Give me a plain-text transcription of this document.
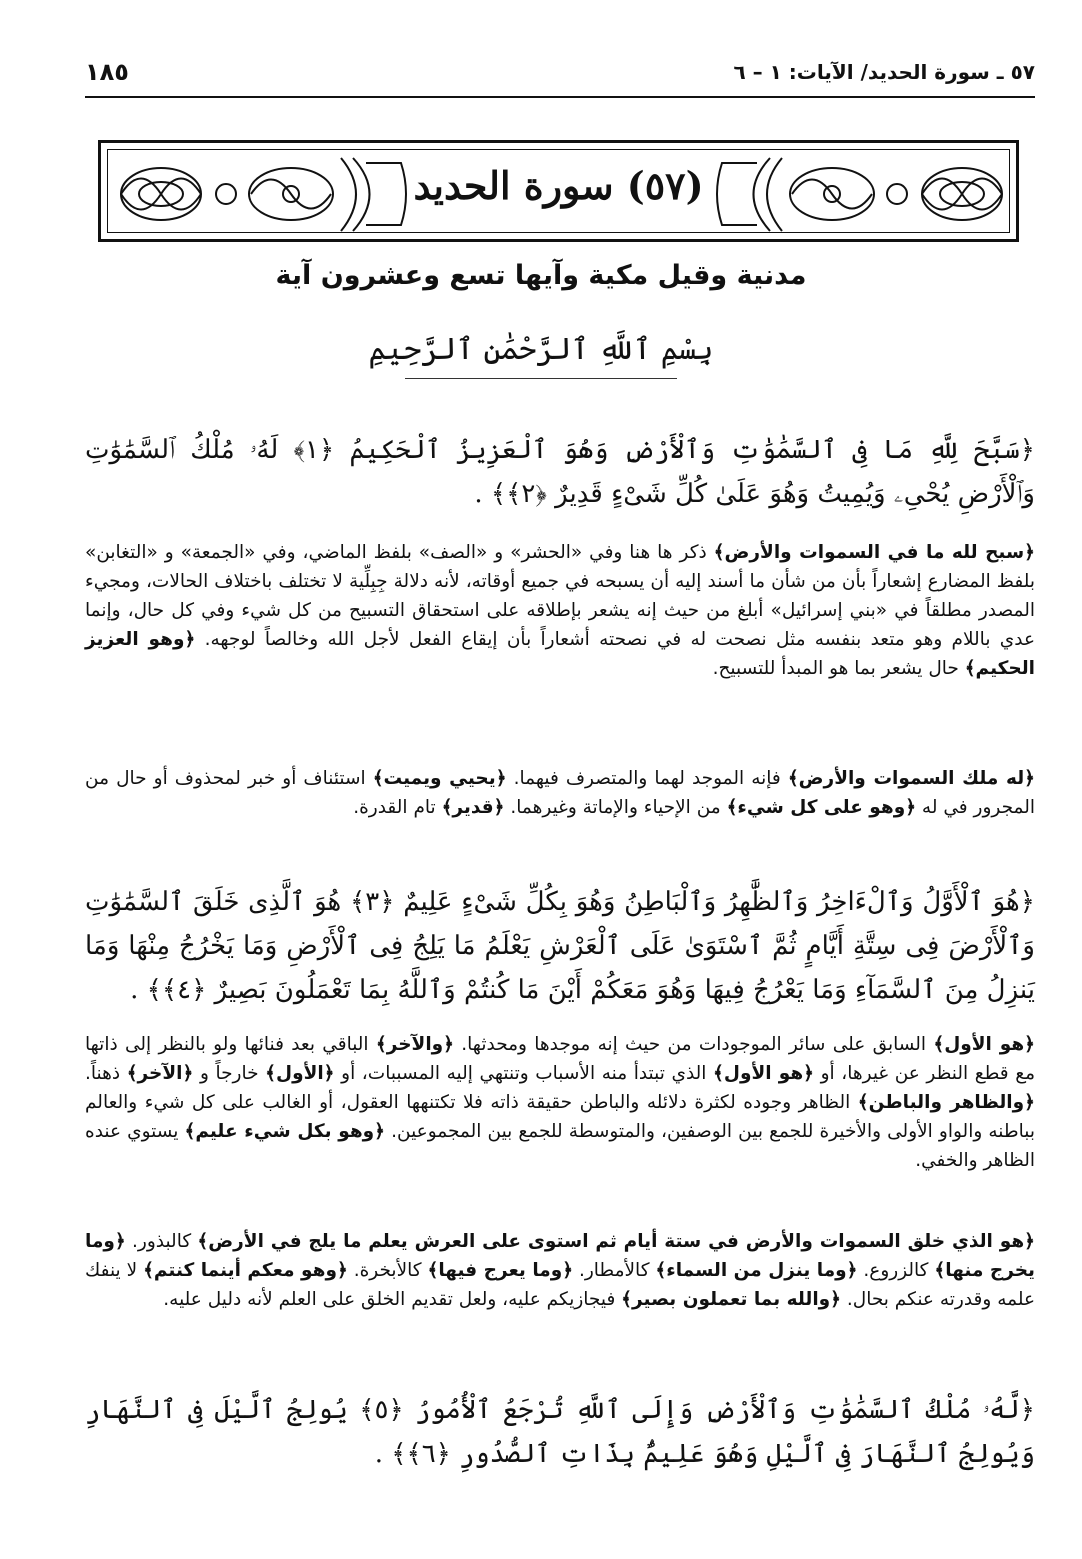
١٨٥	٥٧ ـ سورة الحديد/ الآيات: ١ – ٦
(٥٧) سورة الحديد
مدنية وقيل مكية وآيها تسع وعشرون آية
بِسْمِ ٱللَّهِ ٱلرَّحْمَٰنِ ٱلرَّحِيمِ
﴿سَبَّحَ لِلَّهِ مَا فِى ٱلسَّمَٰوَٰتِ وَٱلْأَرْضِ وَهُوَ ٱلْعَزِيزُ ٱلْحَكِيمُ ﴿١﴾ لَهُۥ مُلْكُ ٱلسَّمَٰوَٰتِ وَٱلْأَرْضِ يُحْىِۦ وَيُمِيتُ وَهُوَ عَلَىٰ كُلِّ شَىْءٍ قَدِيرٌ ﴿٢﴾﴾ .
﴿سبح لله ما في السموات والأرض﴾ ذكر ها هنا وفي «الحشر» و «الصف» بلفظ الماضي، وفي «الجمعة» و «التغابن» بلفظ المضارع إشعاراً بأن من شأن ما أسند إليه أن يسبحه في جميع أوقاته، لأنه دلالة جِبِلِّية لا تختلف باختلاف الحالات، ومجيء المصدر مطلقاً في «بني إسرائيل» أبلغ من حيث إنه يشعر بإطلاقه على استحقاق التسبيح من كل شيء وفي كل حال، وإنما عدي باللام وهو متعد بنفسه مثل نصحت له في نصحته أشعاراً بأن إيقاع الفعل لأجل الله وخالصاً لوجهه. ﴿وهو العزيز الحكيم﴾ حال يشعر بما هو المبدأ للتسبيح.
﴿له ملك السموات والأرض﴾ فإنه الموجد لهما والمتصرف فيهما. ﴿يحيي ويميت﴾ استئناف أو خبر لمحذوف أو حال من المجرور في له ﴿وهو على كل شيء﴾ من الإحياء والإماتة وغيرهما. ﴿قدير﴾ تام القدرة.
﴿هُوَ ٱلْأَوَّلُ وَٱلْءَاخِرُ وَٱلظَّٰهِرُ وَٱلْبَاطِنُ وَهُوَ بِكُلِّ شَىْءٍ عَلِيمٌ ﴿٣﴾ هُوَ ٱلَّذِى خَلَقَ ٱلسَّمَٰوَٰتِ وَٱلْأَرْضَ فِى سِتَّةِ أَيَّامٍ ثُمَّ ٱسْتَوَىٰ عَلَى ٱلْعَرْشِ يَعْلَمُ مَا يَلِجُ فِى ٱلْأَرْضِ وَمَا يَخْرُجُ مِنْهَا وَمَا يَنزِلُ مِنَ ٱلسَّمَآءِ وَمَا يَعْرُجُ فِيهَا وَهُوَ مَعَكُمْ أَيْنَ مَا كُنتُمْ وَٱللَّهُ بِمَا تَعْمَلُونَ بَصِيرٌ ﴿٤﴾﴾ .
﴿هو الأول﴾ السابق على سائر الموجودات من حيث إنه موجدها ومحدثها. ﴿والآخر﴾ الباقي بعد فنائها ولو بالنظر إلى ذاتها مع قطع النظر عن غيرها، أو ﴿هو الأول﴾ الذي تبتدأ منه الأسباب وتنتهي إليه المسببات، أو ﴿الأول﴾ خارجاً و ﴿الآخر﴾ ذهناً. ﴿والظاهر والباطن﴾ الظاهر وجوده لكثرة دلائله والباطن حقيقة ذاته فلا تكتنهها العقول، أو الغالب على كل شيء والعالم بباطنه والواو الأولى والأخيرة للجمع بين الوصفين، والمتوسطة للجمع بين المجموعين. ﴿وهو بكل شيء عليم﴾ يستوي عنده الظاهر والخفي.
﴿هو الذي خلق السموات والأرض في ستة أيام ثم استوى على العرش يعلم ما يلج في الأرض﴾ كالبذور. ﴿وما يخرج منها﴾ كالزروع. ﴿وما ينزل من السماء﴾ كالأمطار. ﴿وما يعرج فيها﴾ كالأبخرة. ﴿وهو معكم أينما كنتم﴾ لا ينفك علمه وقدرته عنكم بحال. ﴿والله بما تعملون بصير﴾ فيجازيكم عليه، ولعل تقديم الخلق على العلم لأنه دليل عليه.
﴿لَّهُۥ مُلْكُ ٱلسَّمَٰوَٰتِ وَٱلْأَرْضِ وَإِلَى ٱللَّهِ تُرْجَعُ ٱلْأُمُورُ ﴿٥﴾ يُولِجُ ٱلَّيْلَ فِى ٱلنَّهَارِ وَيُولِجُ ٱلنَّهَارَ فِى ٱلَّيْلِ وَهُوَ عَلِيمٌۢ بِذَاتِ ٱلصُّدُورِ ﴿٦﴾﴾ .
